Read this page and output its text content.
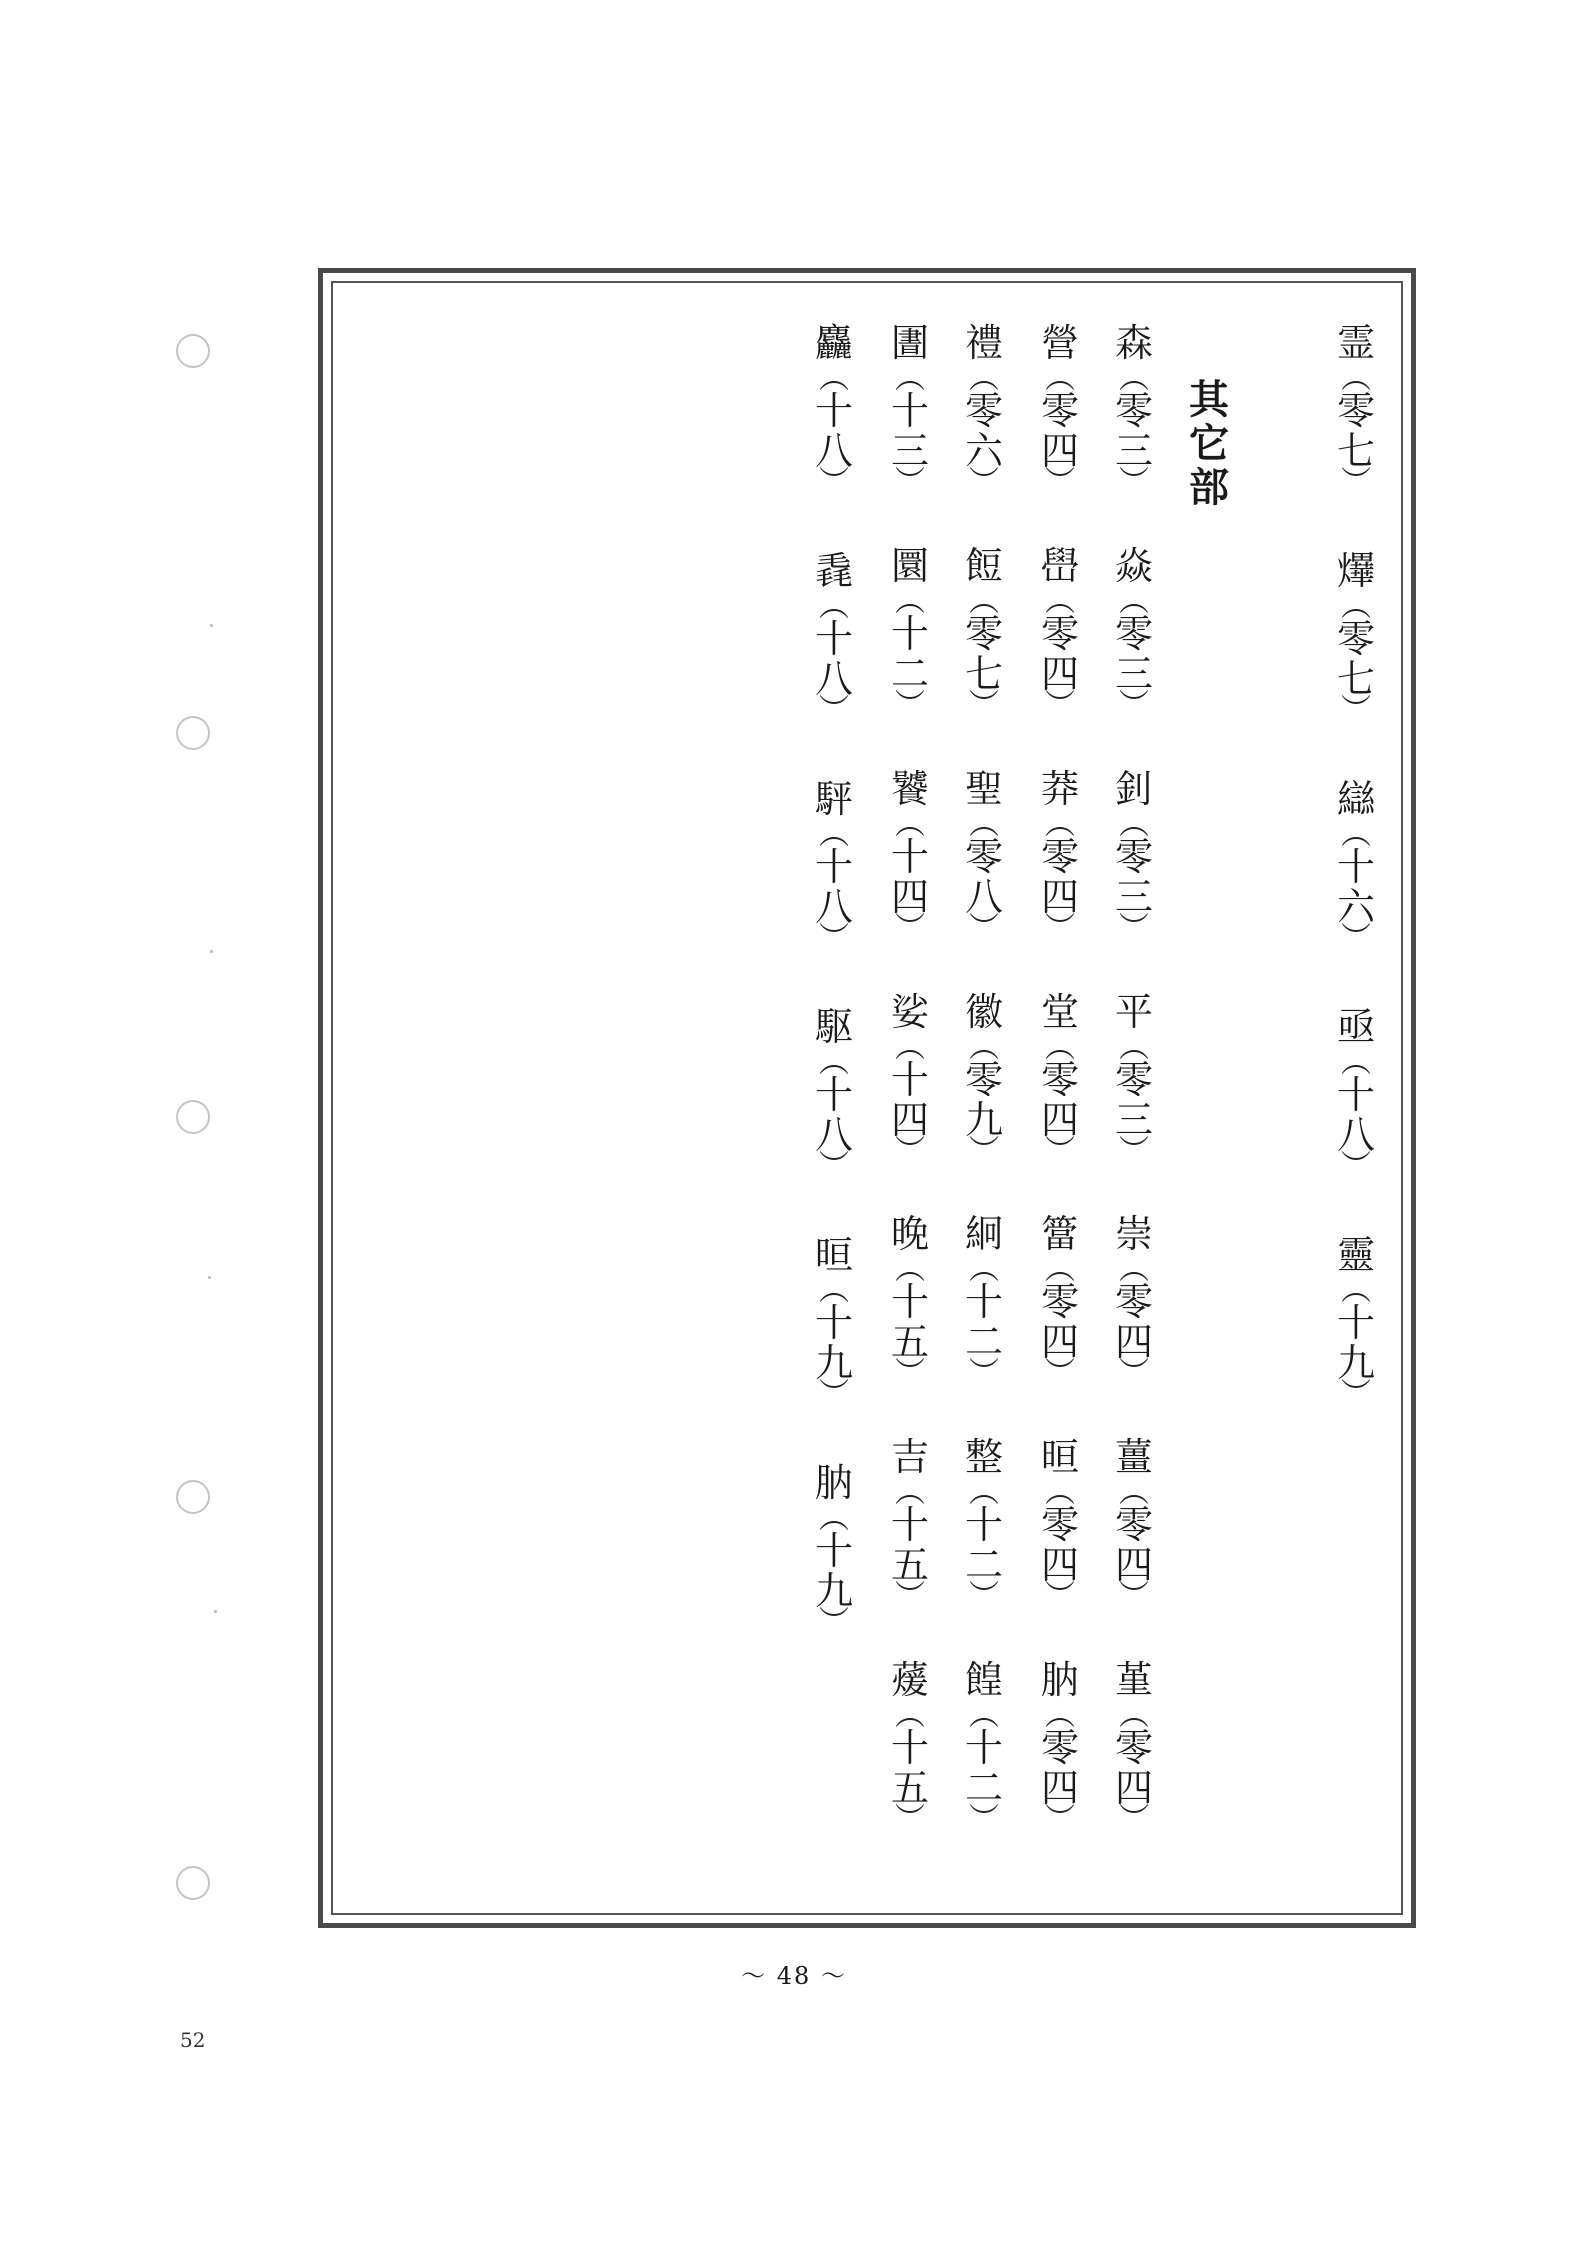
霊
︵
零
七
︶
𤒹
︵
零
七
︶
䜌
︵
十
六
︶
亟
︵
十
八
︶
靈
︵
十
九
︶
其
它
部
森
︵
零
三
︶
焱
︵
零
三
︶
釗
︵
零
三
︶
平
︵
零
三
︶
崇
︵
零
四
︶
薑
︵
零
四
︶
堇
︵
零
四
︶
營
︵
零
四
︶
嶨
︵
零
四
︶
莽
︵
零
四
︶
堂
︵
零
四
︶
簹
︵
零
四
︶
晅
︵
零
四
︶
肭
︵
零
四
︶
禮
︵
零
六
︶
餖
︵
零
七
︶
聖
︵
零
八
︶
徽
︵
零
九
︶
絅
︵
十
二
︶
整
︵
十
二
︶
餭
︵
十
二
︶
圕
︵
十
三
︶
圜
︵
十
二
︶
饕
︵
十
四
︶
娑
︵
十
四
︶
晚
︵
十
五
︶
吉
︵
十
五
︶
蕿
︵
十
五
︶
麤
︵
十
八
︶
毳
︵
十
八
︶
駍
︵
十
八
︶
駆
︵
十
八
︶
晅
︵
十
九
︶
肭
︵
十
九
︶
～ 48 ～
52
